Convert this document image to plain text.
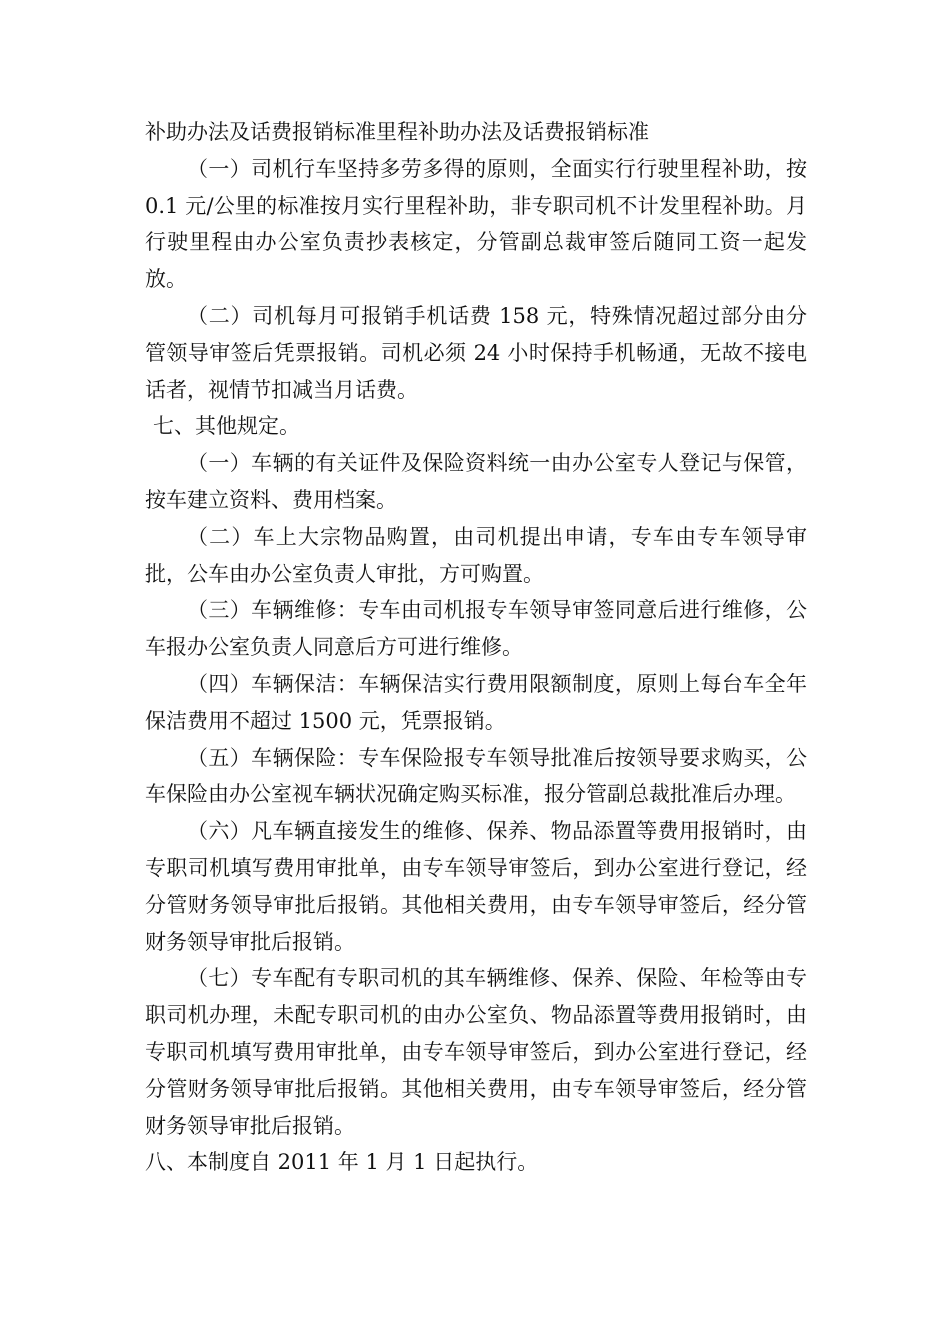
补助办法及话费报销标准里程补助办法及话费报销标准

（一）司机行车坚持多劳多得的原则，全面实行行驶里程补助，按 0.1 元/公里的标准按月实行里程补助，非专职司机不计发里程补助。月行驶里程由办公室负责抄表核定，分管副总裁审签后随同工资一起发放。

（二）司机每月可报销手机话费 158 元，特殊情况超过部分由分管领导审签后凭票报销。司机必须 24 小时保持手机畅通，无故不接电话者，视情节扣减当月话费。

七、其他规定。

（一）车辆的有关证件及保险资料统一由办公室专人登记与保管，按车建立资料、费用档案。

（二）车上大宗物品购置，由司机提出申请，专车由专车领导审批，公车由办公室负责人审批，方可购置。

（三）车辆维修：专车由司机报专车领导审签同意后进行维修，公车报办公室负责人同意后方可进行维修。

（四）车辆保洁：车辆保洁实行费用限额制度，原则上每台车全年保洁费用不超过 1500 元，凭票报销。

（五）车辆保险：专车保险报专车领导批准后按领导要求购买，公车保险由办公室视车辆状况确定购买标准，报分管副总裁批准后办理。

（六）凡车辆直接发生的维修、保养、物品添置等费用报销时，由专职司机填写费用审批单，由专车领导审签后，到办公室进行登记，经分管财务领导审批后报销。其他相关费用，由专车领导审签后，经分管财务领导审批后报销。

（七）专车配有专职司机的其车辆维修、保养、保险、年检等由专职司机办理，未配专职司机的由办公室负、物品添置等费用报销时，由专职司机填写费用审批单，由专车领导审签后，到办公室进行登记，经分管财务领导审批后报销。其他相关费用，由专车领导审签后，经分管财务领导审批后报销。

八、本制度自 2011 年 1 月 1 日起执行。
